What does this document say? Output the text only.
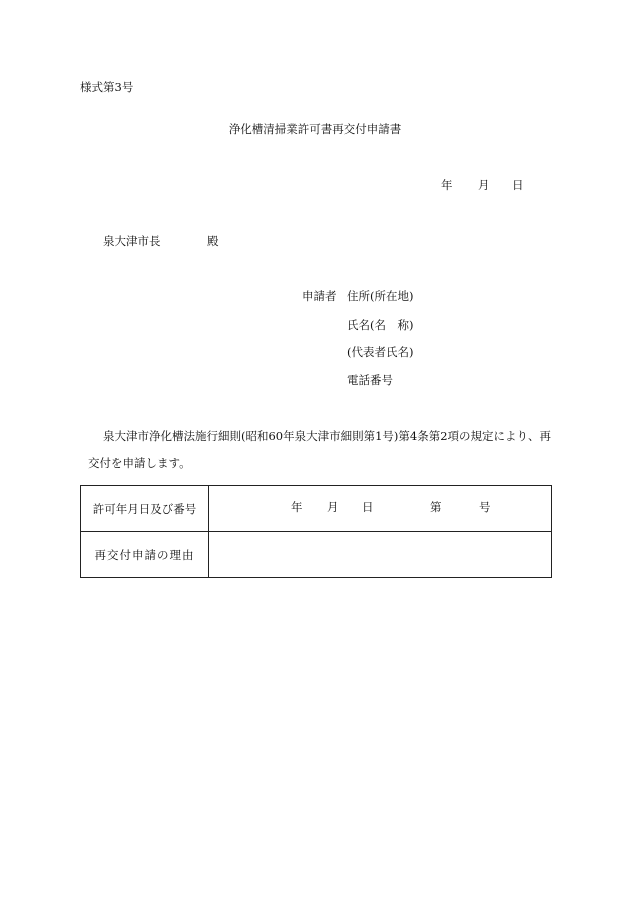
様式第3号
浄化槽清掃業許可書再交付申請書
年 月 日
泉大津市長	殿
申請者 住所(所在地)
氏名(名　称)
(代表者氏名)
電話番号
泉大津市浄化槽法施行細則(昭和60年泉大津市細則第1号)第4条第2項の規定により、再
交付を申請します。
許可年月日及び番号	年 月 日 第 号

再交付申請の理由	
